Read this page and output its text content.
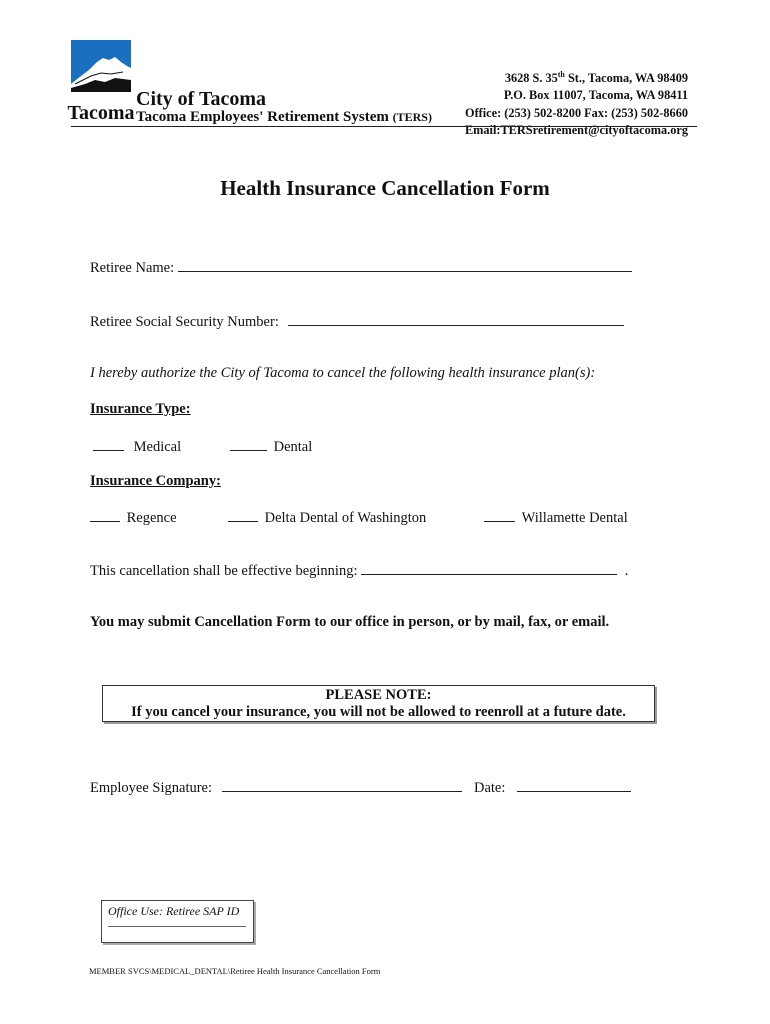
Tacoma
City of Tacoma
Tacoma Employees' Retirement System (TERS)
3628 S. 35th St., Tacoma, WA 98409
P.O. Box 11007, Tacoma, WA 98411
Office: (253) 502-8200 Fax: (253) 502-8660
Email:TERSretirement@cityoftacoma.org
Health Insurance Cancellation Form
Retiree Name:
Retiree Social Security Number:
I hereby authorize the City of Tacoma to cancel the following health insurance plan(s):
Insurance Type:
Medical	Dental
Insurance Company:
Regence	Delta Dental of Washington	Willamette Dental
This cancellation shall be effective beginning:	.
You may submit Cancellation Form to our office in person, or by mail, fax, or email.
PLEASE NOTE:
If you cancel your insurance, you will not be allowed to reenroll at a future date.
Employee Signature:	Date:
Office Use: Retiree SAP ID
MEMBER SVCS\MEDICAL_DENTAL\Retiree Health Insurance Cancellation Form
